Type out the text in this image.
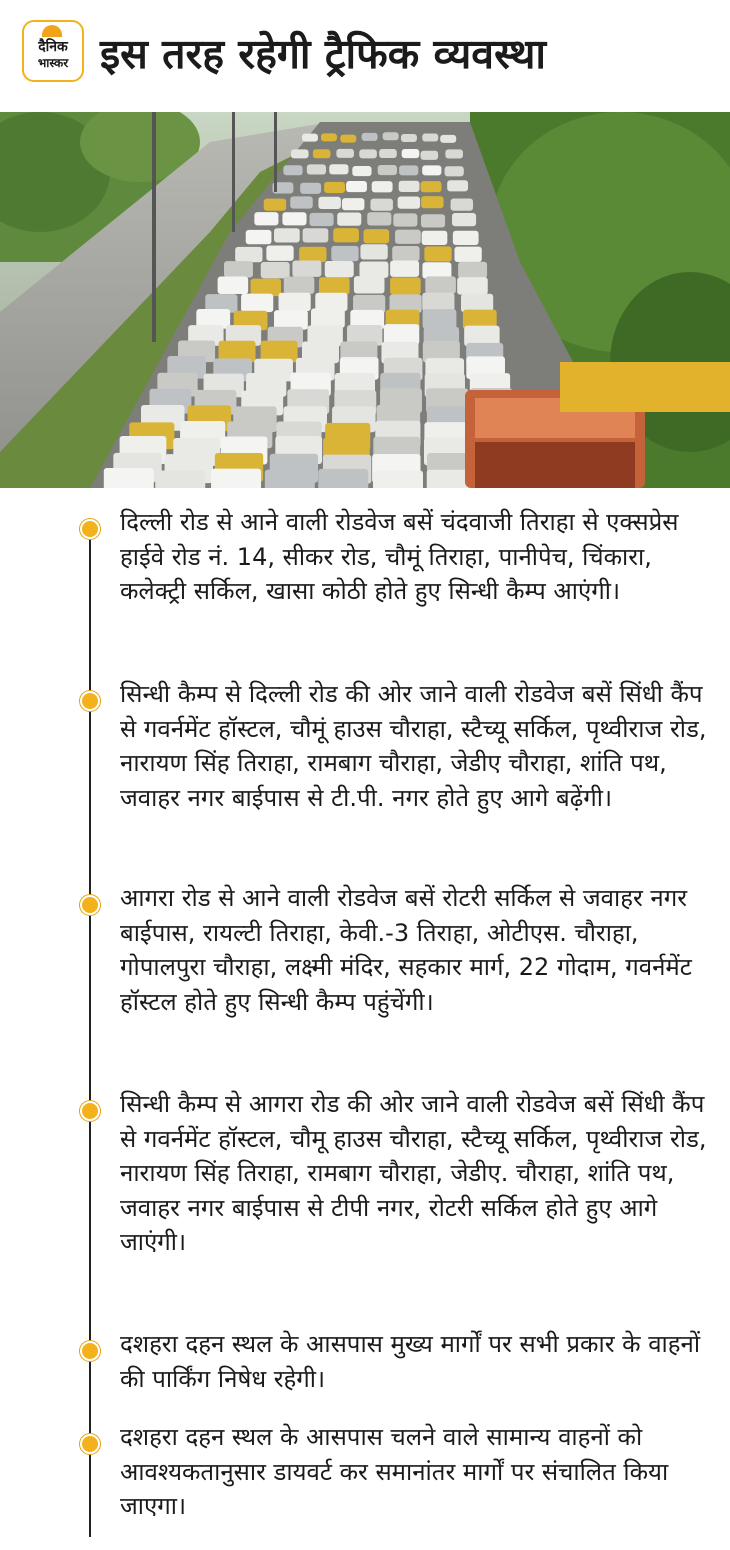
दैनिक
भास्कर इस तरह रहेगी ट्रैफिक व्यवस्था
दिल्ली रोड से आने वाली रोडवेज बसें चंदवाजी तिराहा से एक्सप्रेस हाईवे रोड नं. 14, सीकर रोड, चौमूं तिराहा, पानीपेच, चिंकारा, कलेक्ट्री सर्किल, खासा कोठी होते हुए सिन्धी कैम्प आएंगी।
सिन्धी कैम्प से दिल्ली रोड की ओर जाने वाली रोडवेज बसें सिंधी कैंप से गवर्नमेंट हॉस्टल, चौमूं हाउस चौराहा, स्टैच्यू सर्किल, पृथ्वीराज रोड, नारायण सिंह तिराहा, रामबाग चौराहा, जेडीए चौराहा, शांति पथ, जवाहर नगर बाईपास से टी.पी. नगर होते हुए आगे बढ़ेंगी।
आगरा रोड से आने वाली रोडवेज बसें रोटरी सर्किल से जवाहर नगर बाईपास, रायल्टी तिराहा, केवी.-3 तिराहा, ओटीएस. चौराहा, गोपालपुरा चौराहा, लक्ष्मी मंदिर, सहकार मार्ग, 22 गोदाम, गवर्नमेंट हॉस्टल होते हुए सिन्धी कैम्प पहुंचेंगी।
सिन्धी कैम्प से आगरा रोड की ओर जाने वाली रोडवेज बसें सिंधी कैंप से गवर्नमेंट हॉस्टल, चौमू हाउस चौराहा, स्टैच्यू सर्किल, पृथ्वीराज रोड, नारायण सिंह तिराहा, रामबाग चौराहा, जेडीए. चौराहा, शांति पथ, जवाहर नगर बाईपास से टीपी नगर, रोटरी सर्किल होते हुए आगे जाएंगी।
दशहरा दहन स्थल के आसपास मुख्य मार्गों पर सभी प्रकार के वाहनों की पार्किंग निषेध रहेगी।
दशहरा दहन स्थल के आसपास चलने वाले सामान्य वाहनों को आवश्यकतानुसार डायवर्ट कर समानांतर मार्गों पर संचालित किया जाएगा।
